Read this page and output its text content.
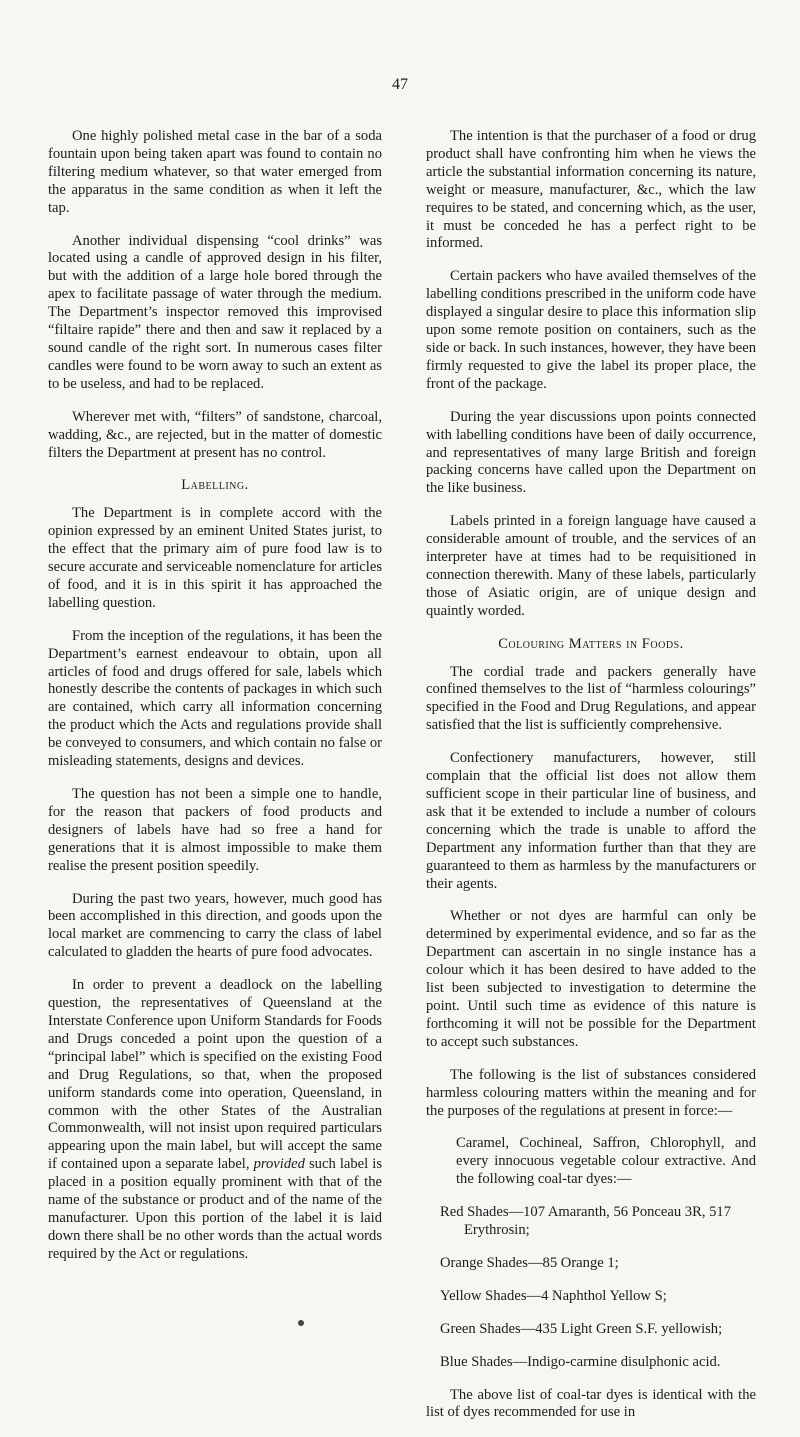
47

One highly polished metal case in the bar of a soda fountain upon being taken apart was found to contain no filtering medium whatever, so that water emerged from the apparatus in the same condition as when it left the tap.

Another individual dispensing “cool drinks” was located using a candle of approved design in his filter, but with the addition of a large hole bored through the apex to facilitate passage of water through the medium. The Department’s inspector removed this improvised “filtaire rapide” there and then and saw it replaced by a sound candle of the right sort. In numerous cases filter candles were found to be worn away to such an extent as to be useless, and had to be replaced.

Wherever met with, “filters” of sandstone, charcoal, wadding, &c., are rejected, but in the matter of domestic filters the Department at present has no control.

Labelling.

The Department is in complete accord with the opinion expressed by an eminent United States jurist, to the effect that the primary aim of pure food law is to secure accurate and serviceable nomenclature for articles of food, and it is in this spirit it has approached the labelling question.

From the inception of the regulations, it has been the Department’s earnest endeavour to obtain, upon all articles of food and drugs offered for sale, labels which honestly describe the contents of packages in which such are contained, which carry all information concerning the product which the Acts and regulations provide shall be conveyed to consumers, and which contain no false or misleading statements, designs and devices.

The question has not been a simple one to handle, for the reason that packers of food products and designers of labels have had so free a hand for generations that it is almost impossible to make them realise the present position speedily.

During the past two years, however, much good has been accomplished in this direction, and goods upon the local market are commencing to carry the class of label calculated to gladden the hearts of pure food advocates.

In order to prevent a deadlock on the labelling question, the representatives of Queensland at the Interstate Conference upon Uniform Standards for Foods and Drugs conceded a point upon the question of a “principal label” which is specified on the existing Food and Drug Regulations, so that, when the proposed uniform standards come into operation, Queensland, in common with the other States of the Australian Commonwealth, will not insist upon required particulars appearing upon the main label, but will accept the same if contained upon a separate label, provided such label is placed in a position equally prominent with that of the name of the substance or product and of the name of the manufacturer. Upon this portion of the label it is laid down there shall be no other words than the actual words required by the Act or regulations.

The intention is that the purchaser of a food or drug product shall have confronting him when he views the article the substantial information concerning its nature, weight or measure, manufacturer, &c., which the law requires to be stated, and concerning which, as the user, it must be conceded he has a perfect right to be informed.

Certain packers who have availed themselves of the labelling conditions prescribed in the uniform code have displayed a singular desire to place this information slip upon some remote position on containers, such as the side or back. In such instances, however, they have been firmly requested to give the label its proper place, the front of the package.

During the year discussions upon points connected with labelling conditions have been of daily occurrence, and representatives of many large British and foreign packing concerns have called upon the Department on the like business.

Labels printed in a foreign language have caused a considerable amount of trouble, and the services of an interpreter have at times had to be requisitioned in connection therewith. Many of these labels, particularly those of Asiatic origin, are of unique design and quaintly worded.

Colouring Matters in Foods.

The cordial trade and packers generally have confined themselves to the list of “harmless colourings” specified in the Food and Drug Regulations, and appear satisfied that the list is sufficiently comprehensive.

Confectionery manufacturers, however, still complain that the official list does not allow them sufficient scope in their particular line of business, and ask that it be extended to include a number of colours concerning which the trade is unable to afford the Department any information further than that they are guaranteed to them as harmless by the manufacturers or their agents.

Whether or not dyes are harmful can only be determined by experimental evidence, and so far as the Department can ascertain in no single instance has a colour which it has been desired to have added to the list been subjected to investigation to determine the point. Until such time as evidence of this nature is forthcoming it will not be possible for the Department to accept such substances.

The following is the list of substances considered harmless colouring matters within the meaning and for the purposes of the regulations at present in force:—

Caramel, Cochineal, Saffron, Chlorophyll, and every innocuous vegetable colour extractive. And the following coal-tar dyes:—

Red Shades—107 Amaranth, 56 Ponceau 3R, 517 Erythrosin;

Orange Shades—85 Orange 1;

Yellow Shades—4 Naphthol Yellow S;

Green Shades—435 Light Green S.F. yellowish;

Blue Shades—Indigo-carmine disulphonic acid.

The above list of coal-tar dyes is identical with the list of dyes recommended for use in
